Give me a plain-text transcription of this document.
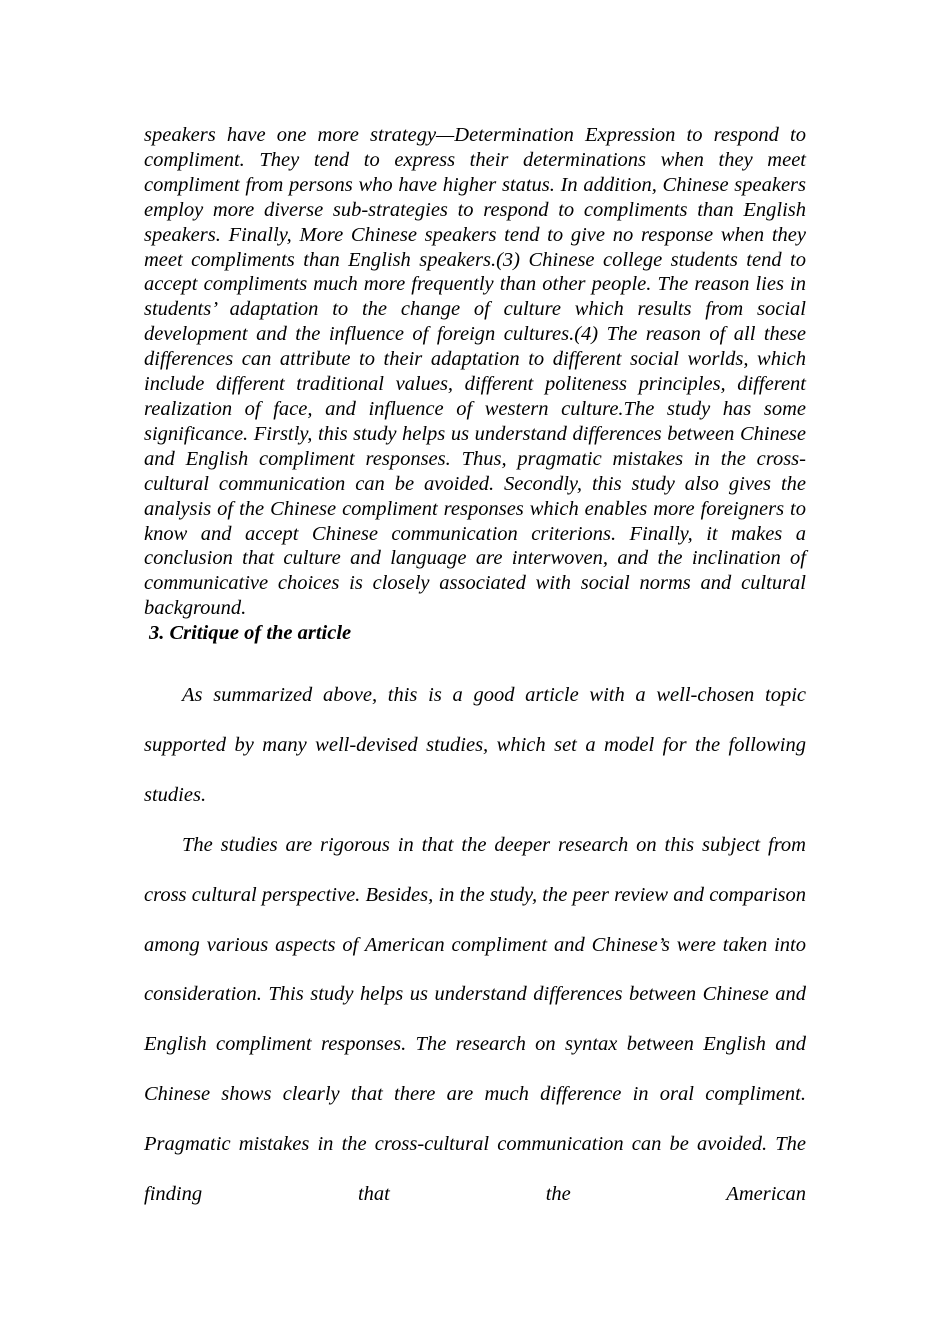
speakers have one more strategy—Determination Expression to respond to compliment. They tend to express their determinations when they meet compliment from persons who have higher status. In addition, Chinese speakers employ more diverse sub-strategies to respond to compliments than English speakers. Finally, More Chinese speakers tend to give no response when they meet compliments than English speakers.(3) Chinese college students tend to accept compliments much more frequently than other people. The reason lies in students’ adaptation to the change of culture which results from social development and the influence of foreign cultures.(4) The reason of all these differences can attribute to their adaptation to different social worlds, which include different traditional values, different politeness principles, different realization of face, and influence of western culture.The study has some significance. Firstly, this study helps us understand differences between Chinese and English compliment responses. Thus, pragmatic mistakes in the cross-cultural communication can be avoided. Secondly, this study also gives the analysis of the Chinese compliment responses which enables more foreigners to know and accept Chinese communication criterions. Finally, it makes a conclusion that culture and language are interwoven, and the inclination of communicative choices is closely associated with social norms and cultural background.

3. Critique of the article

As summarized above, this is a good article with a well-chosen topic supported by many well-devised studies, which set a model for the following studies.

The studies are rigorous in that the deeper research on this subject from cross cultural perspective. Besides, in the study, the peer review and comparison among various aspects of American compliment and Chinese’s were taken into consideration. This study helps us understand differences between Chinese and English compliment responses. The research on syntax between English and Chinese shows clearly that there are much difference in oral compliment. Pragmatic mistakes in the cross-cultural communication can be avoided. The finding that the American
